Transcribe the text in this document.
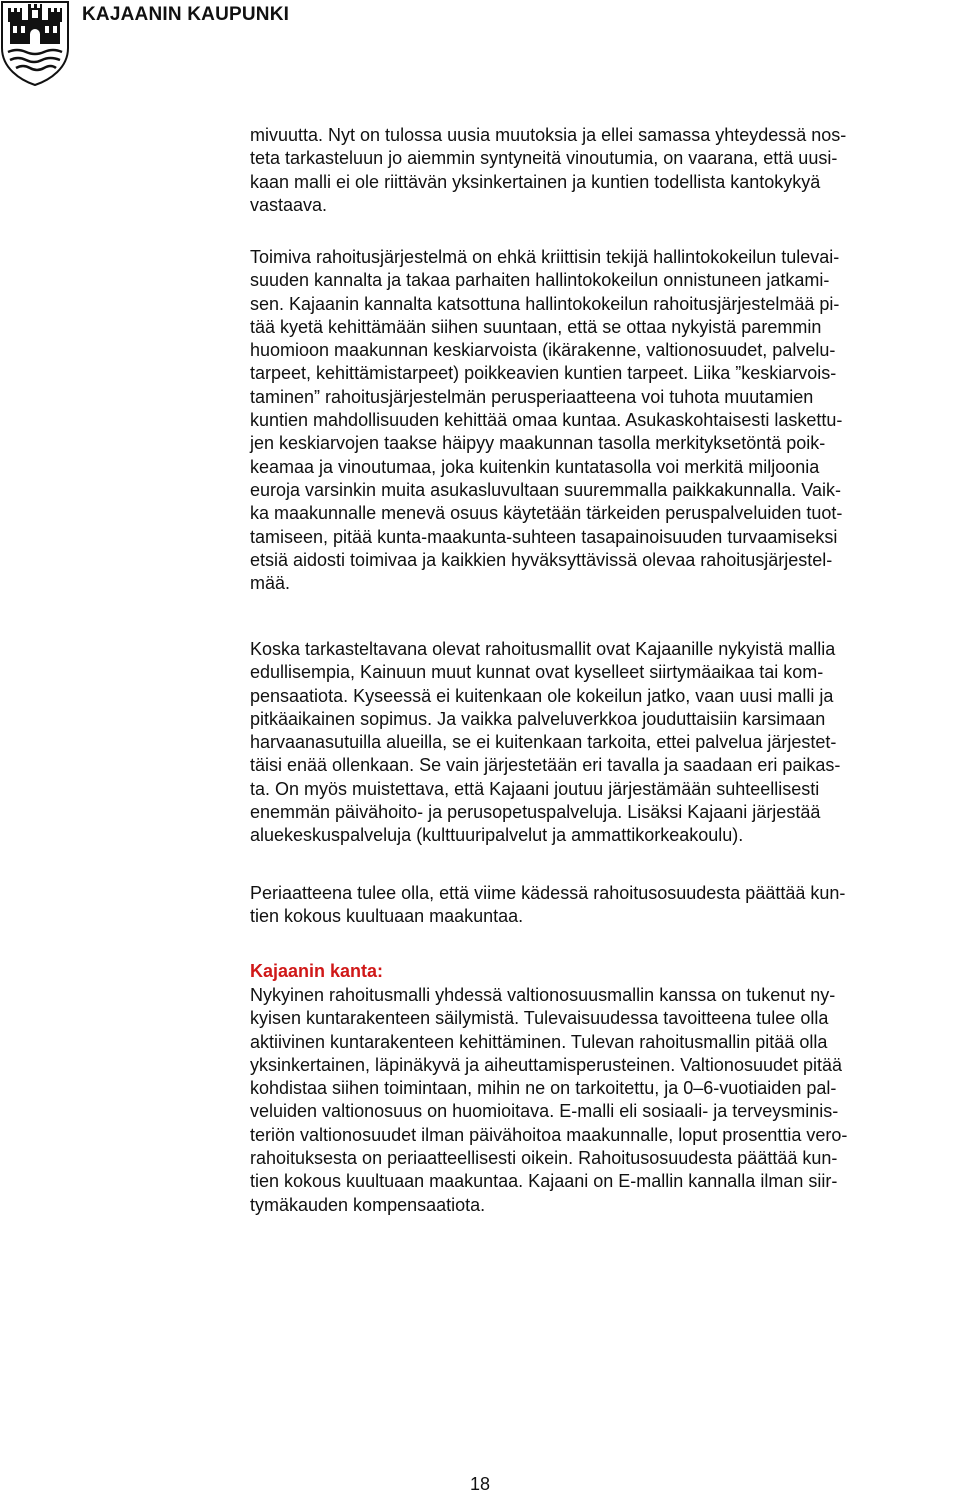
KAJAANIN KAUPUNKI

mivuutta. Nyt on tulossa uusia muutoksia ja ellei samassa yhteydessä nos-
teta tarkasteluun jo aiemmin syntyneitä vinoutumia, on vaarana, että uusi-
kaan malli ei ole riittävän yksinkertainen ja kuntien todellista kantokykyä
vastaava.

Toimiva rahoitusjärjestelmä on ehkä kriittisin tekijä hallintokokeilun tulevai-
suuden kannalta ja takaa parhaiten hallintokokeilun onnistuneen jatkami-
sen. Kajaanin kannalta katsottuna hallintokokeilun rahoitusjärjestelmää pi-
tää kyetä kehittämään siihen suuntaan, että se ottaa nykyistä paremmin
huomioon maakunnan keskiarvoista (ikärakenne, valtionosuudet, palvelu-
tarpeet, kehittämistarpeet) poikkeavien kuntien tarpeet. Liika ”keskiarvois-
taminen” rahoitusjärjestelmän perusperiaatteena voi tuhota muutamien
kuntien mahdollisuuden kehittää omaa kuntaa. Asukaskohtaisesti laskettu-
jen keskiarvojen taakse häipyy maakunnan tasolla merkityksetöntä poik-
keamaa ja vinoutumaa, joka kuitenkin kuntatasolla voi merkitä miljoonia
euroja varsinkin muita asukasluvultaan suuremmalla paikkakunnalla. Vaik-
ka maakunnalle menevä osuus käytetään tärkeiden peruspalveluiden tuot-
tamiseen, pitää kunta-maakunta-suhteen tasapainoisuuden turvaamiseksi
etsiä aidosti toimivaa ja kaikkien hyväksyttävissä olevaa rahoitusjärjestel-
mää.

Koska tarkasteltavana olevat rahoitusmallit ovat Kajaanille nykyistä mallia
edullisempia, Kainuun muut kunnat ovat kyselleet siirtymäaikaa tai kom-
pensaatiota. Kyseessä ei kuitenkaan ole kokeilun jatko, vaan uusi malli ja
pitkäaikainen sopimus. Ja vaikka palveluverkkoa jouduttaisiin karsimaan
harvaanasutuilla alueilla, se ei kuitenkaan tarkoita, ettei palvelua järjestet-
täisi enää ollenkaan. Se vain järjestetään eri tavalla ja saadaan eri paikas-
ta. On myös muistettava, että Kajaani joutuu järjestämään suhteellisesti
enemmän päivähoito- ja perusopetuspalveluja. Lisäksi Kajaani järjestää
aluekeskuspalveluja (kulttuuripalvelut ja ammattikorkeakoulu).

Periaatteena tulee olla, että viime kädessä rahoitusosuudesta päättää kun-
tien kokous kuultuaan maakuntaa.

Kajaanin kanta:

Nykyinen rahoitusmalli yhdessä valtionosuusmallin kanssa on tukenut ny-
kyisen kuntarakenteen säilymistä. Tulevaisuudessa tavoitteena tulee olla
aktiivinen kuntarakenteen kehittäminen. Tulevan rahoitusmallin pitää olla
yksinkertainen, läpinäkyvä ja aiheuttamisperusteinen. Valtionosuudet pitää
kohdistaa siihen toimintaan, mihin ne on tarkoitettu, ja 0–6-vuotiaiden pal-
veluiden valtionosuus on huomioitava. E-malli eli sosiaali- ja terveysminis-
teriön valtionosuudet ilman päivähoitoa maakunnalle, loput prosenttia vero-
rahoituksesta on periaatteellisesti oikein. Rahoitusosuudesta päättää kun-
tien kokous kuultuaan maakuntaa. Kajaani on E-mallin kannalla ilman siir-
tymäkauden kompensaatiota.

18
